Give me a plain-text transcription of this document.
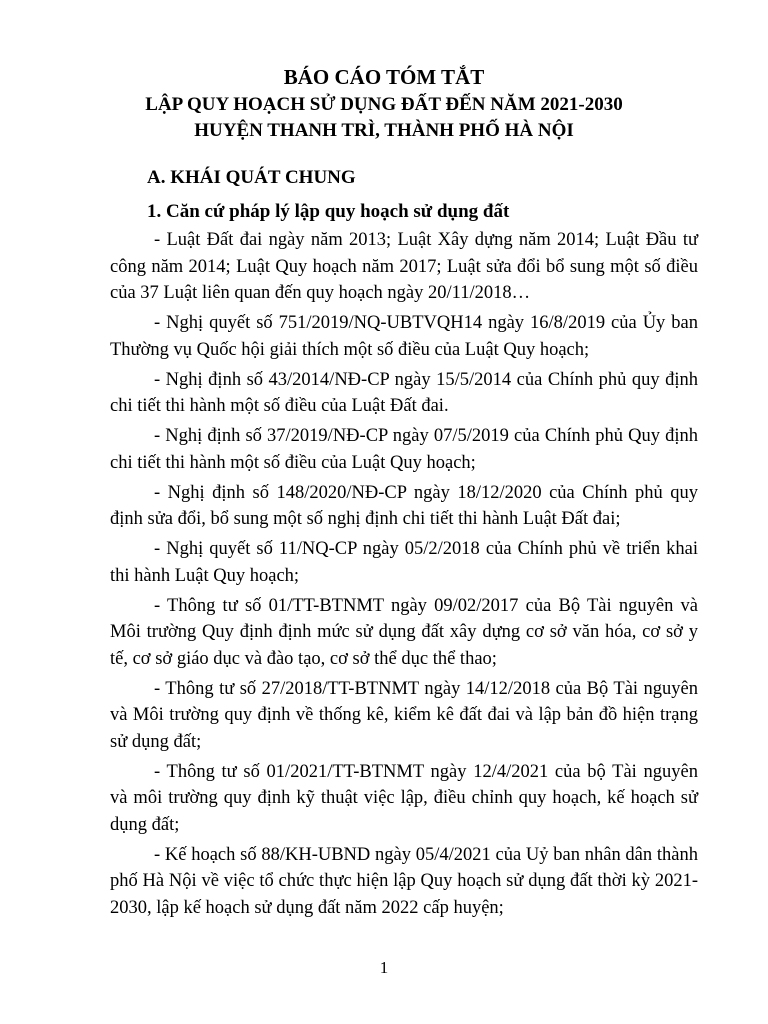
BÁO CÁO TÓM TẮT
LẬP QUY HOẠCH SỬ DỤNG ĐẤT ĐẾN NĂM 2021-2030
HUYỆN THANH TRÌ, THÀNH PHỐ HÀ NỘI
A. KHÁI QUÁT CHUNG
1. Căn cứ pháp lý lập quy hoạch sử dụng đất

- Luật Đất đai ngày năm 2013; Luật Xây dựng năm 2014; Luật Đầu tư công năm 2014; Luật Quy hoạch năm 2017; Luật sửa đổi bổ sung một số điều của 37 Luật liên quan đến quy hoạch ngày 20/11/2018…

- Nghị quyết số 751/2019/NQ-UBTVQH14 ngày 16/8/2019 của Ủy ban Thường vụ Quốc hội giải thích một số điều của Luật Quy hoạch;

- Nghị định số 43/2014/NĐ-CP ngày 15/5/2014 của Chính phủ quy định chi tiết thi hành một số điều của Luật Đất đai.

- Nghị định số 37/2019/NĐ-CP ngày 07/5/2019 của Chính phủ Quy định chi tiết thi hành một số điều của Luật Quy hoạch;

- Nghị định số 148/2020/NĐ-CP ngày 18/12/2020 của Chính phủ quy định sửa đổi, bổ sung một số nghị định chi tiết thi hành Luật Đất đai;

- Nghị quyết số 11/NQ-CP ngày 05/2/2018 của Chính phủ về triển khai thi hành Luật Quy hoạch;

- Thông tư số 01/TT-BTNMT ngày 09/02/2017 của Bộ Tài nguyên và Môi trường Quy định định mức sử dụng đất xây dựng cơ sở văn hóa, cơ sở y tế, cơ sở giáo dục và đào tạo, cơ sở thể dục thể thao;

- Thông tư số 27/2018/TT-BTNMT ngày 14/12/2018 của Bộ Tài nguyên và Môi trường quy định về thống kê, kiểm kê đất đai và lập bản đồ hiện trạng sử dụng đất;

- Thông tư số 01/2021/TT-BTNMT ngày 12/4/2021 của bộ Tài nguyên và môi trường quy định kỹ thuật việc lập, điều chỉnh quy hoạch, kế hoạch sử dụng đất;

- Kế hoạch số 88/KH-UBND ngày 05/4/2021 của Uỷ ban nhân dân thành phố Hà Nội về việc tổ chức thực hiện lập Quy hoạch sử dụng đất thời kỳ 2021-2030, lập kế hoạch sử dụng đất năm 2022 cấp huyện;

1
